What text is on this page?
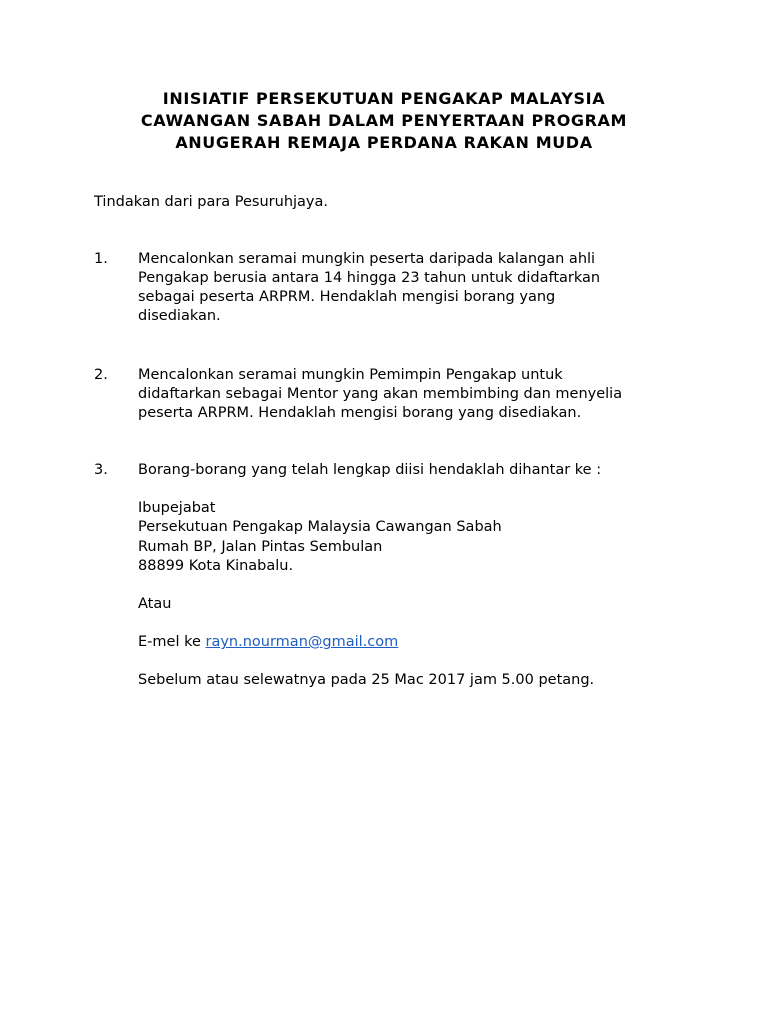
INISIATIF PERSEKUTUAN PENGAKAP MALAYSIA
CAWANGAN SABAH DALAM PENYERTAAN PROGRAM
ANUGERAH REMAJA PERDANA RAKAN MUDA
Tindakan dari para Pesuruhjaya.
1. Mencalonkan seramai mungkin peserta daripada kalangan ahli
Pengakap berusia antara 14 hingga 23 tahun untuk didaftarkan
sebagai peserta ARPRM. Hendaklah mengisi borang yang
disediakan.
2. Mencalonkan seramai mungkin Pemimpin Pengakap untuk
didaftarkan sebagai Mentor yang akan membimbing dan menyelia
peserta ARPRM. Hendaklah mengisi borang yang disediakan.
3. Borang-borang yang telah lengkap diisi hendaklah dihantar ke :
Ibupejabat
Persekutuan Pengakap Malaysia Cawangan Sabah
Rumah BP, Jalan Pintas Sembulan
88899 Kota Kinabalu.
Atau
E-mel ke rayn.nourman@gmail.com
Sebelum atau selewatnya pada 25 Mac 2017 jam 5.00 petang.
